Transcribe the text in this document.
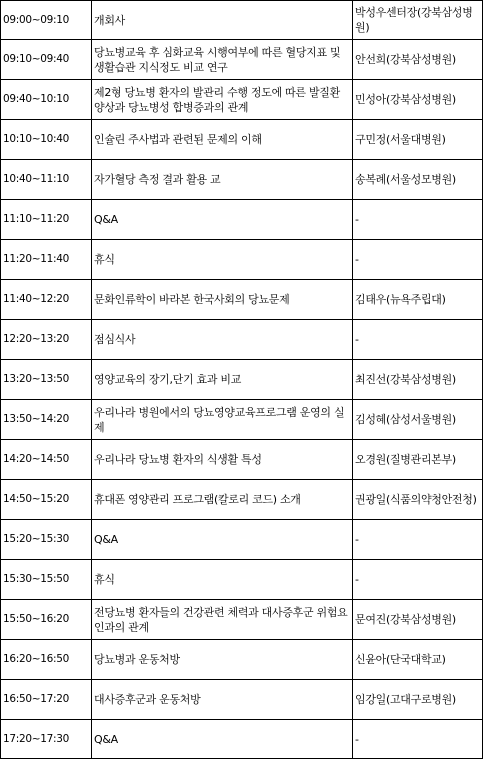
09:00~09:10	개회사	박성우센터장(강북삼성병원)
09:10~09:40	당뇨병교육 후 심화교육 시행여부에 따른 혈당지표 및 생활습관 지식정도 비교 연구	안선희(강북삼성병원)
09:40~10:10	제2형 당뇨병 환자의 발관리 수행 정도에 따른 발질환 양상과 당뇨병성 합병증과의 관계	민성아(강북삼성병원)
10:10~10:40	인슐린 주사법과 관련된 문제의 이해	구민정(서울대병원)
10:40~11:10	자가혈당 측정 결과 활용 교	송복례(서울성모병원)
11:10~11:20	Q&A	-
11:20~11:40	휴식	-
11:40~12:20	문화인류학이 바라본 한국사회의 당뇨문제	김태우(뉴욕주립대)
12:20~13:20	점심식사	-
13:20~13:50	영양교육의 장기,단기 효과 비교	최진선(강북삼성병원)
13:50~14:20	우리나라 병원에서의 당뇨영양교육프로그램 운영의 실제	김성혜(삼성서울병원)
14:20~14:50	우리나라 당뇨병 환자의 식생활 특성	오경원(질병관리본부)
14:50~15:20	휴대폰 영양관리 프로그램(칼로리 코드) 소개	권광일(식품의약청안전청)
15:20~15:30	Q&A	-
15:30~15:50	휴식	-
15:50~16:20	전당뇨병 환자들의 건강관련 체력과 대사증후군 위험요인과의 관계	문여진(강북삼성병원)
16:20~16:50	당뇨병과 운동처방	신윤아(단국대학교)
16:50~17:20	대사증후군과 운동처방	임강일(고대구로병원)
17:20~17:30	Q&A	-
